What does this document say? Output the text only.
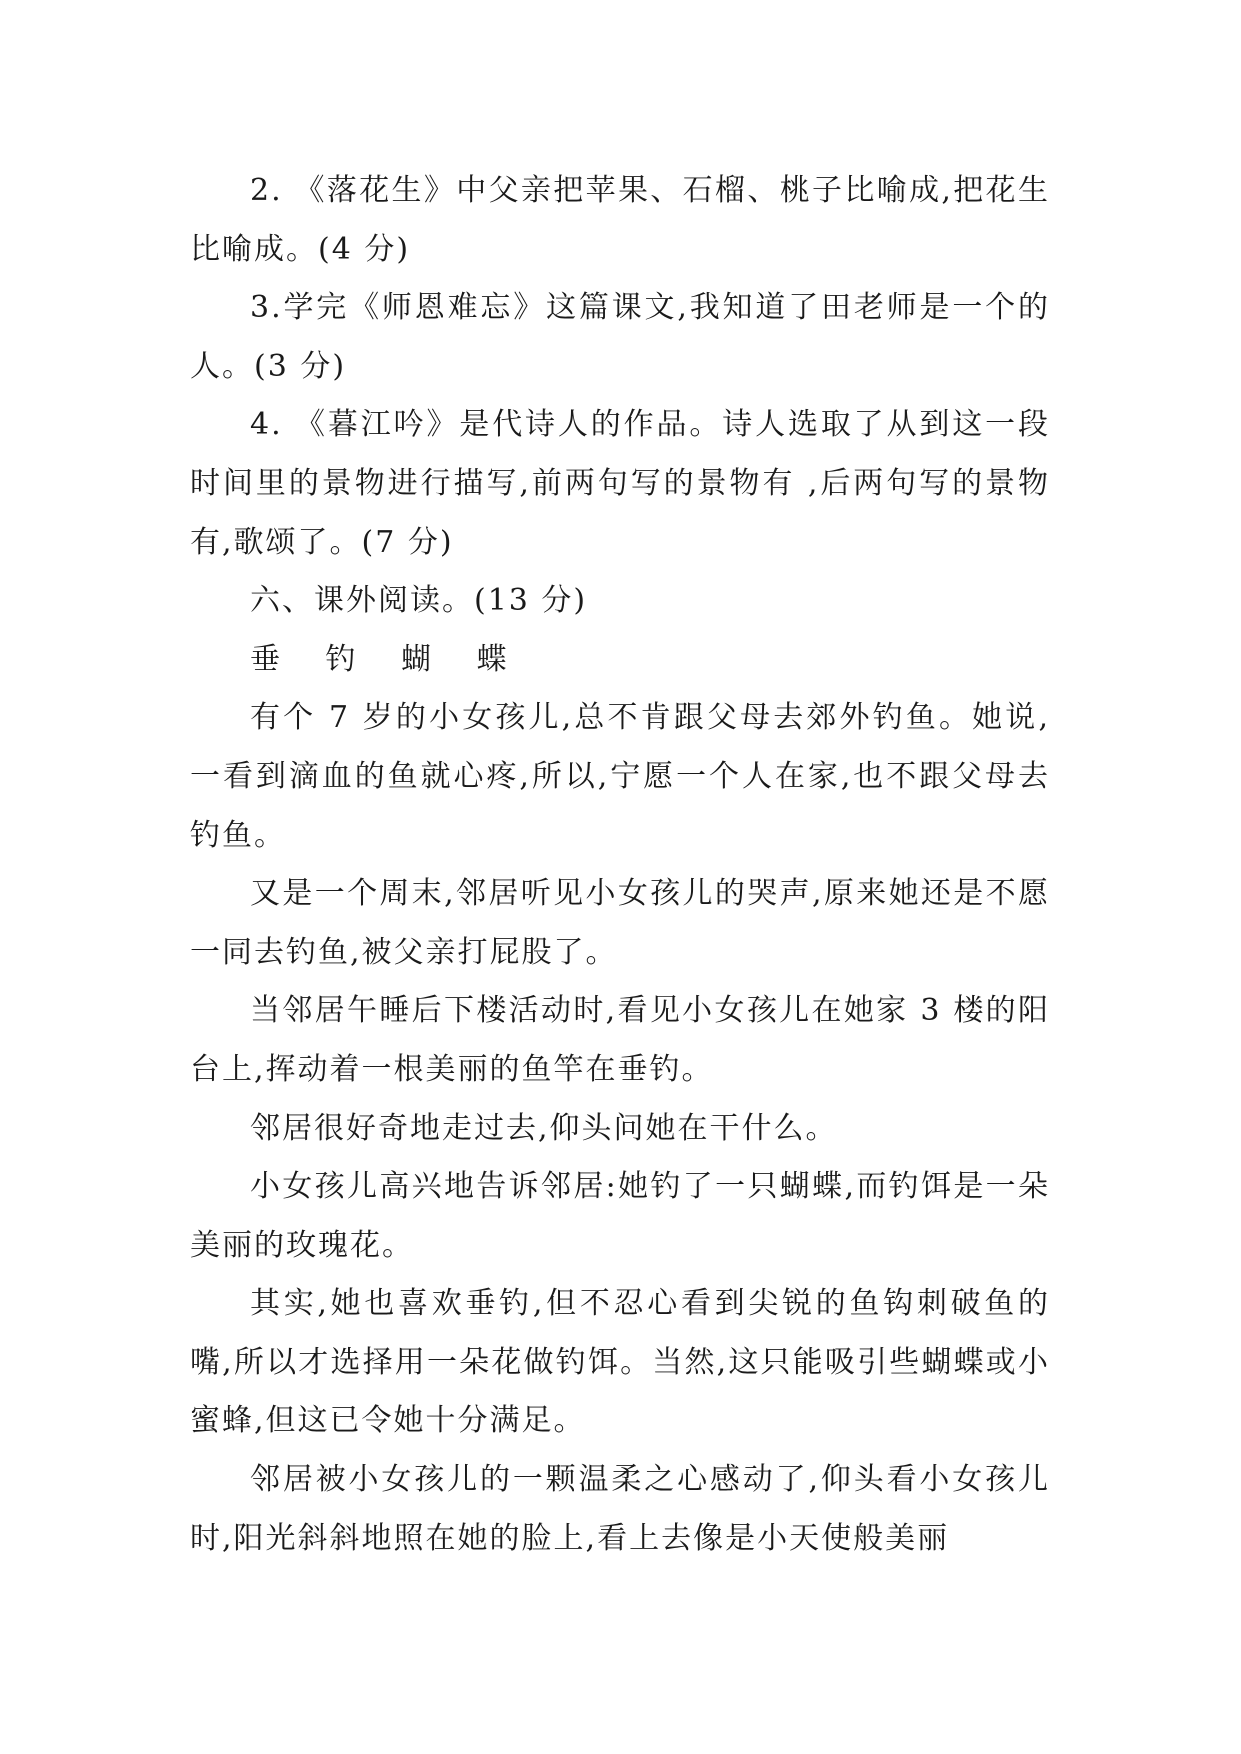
2. 《落花生》中父亲把苹果、石榴、桃子比喻成,把花生比喻成。(4 分)

3.学完《师恩难忘》这篇课文,我知道了田老师是一个的人。(3 分)

4. 《暮江吟》是代诗人的作品。诗人选取了从到这一段时间里的景物进行描写,前两句写的景物有 ,后两句写的景物有,歌颂了。(7 分)

六、课外阅读。(13 分)

垂 钓 蝴 蝶

有个 7 岁的小女孩儿,总不肯跟父母去郊外钓鱼。她说,一看到滴血的鱼就心疼,所以,宁愿一个人在家,也不跟父母去钓鱼。

又是一个周末,邻居听见小女孩儿的哭声,原来她还是不愿一同去钓鱼,被父亲打屁股了。

当邻居午睡后下楼活动时,看见小女孩儿在她家 3 楼的阳台上,挥动着一根美丽的鱼竿在垂钓。

邻居很好奇地走过去,仰头问她在干什么。

小女孩儿高兴地告诉邻居:她钓了一只蝴蝶,而钓饵是一朵美丽的玫瑰花。

其实,她也喜欢垂钓,但不忍心看到尖锐的鱼钩刺破鱼的嘴,所以才选择用一朵花做钓饵。当然,这只能吸引些蝴蝶或小蜜蜂,但这已令她十分满足。

邻居被小女孩儿的一颗温柔之心感动了,仰头看小女孩儿时,阳光斜斜地照在她的脸上,看上去像是小天使般美丽
